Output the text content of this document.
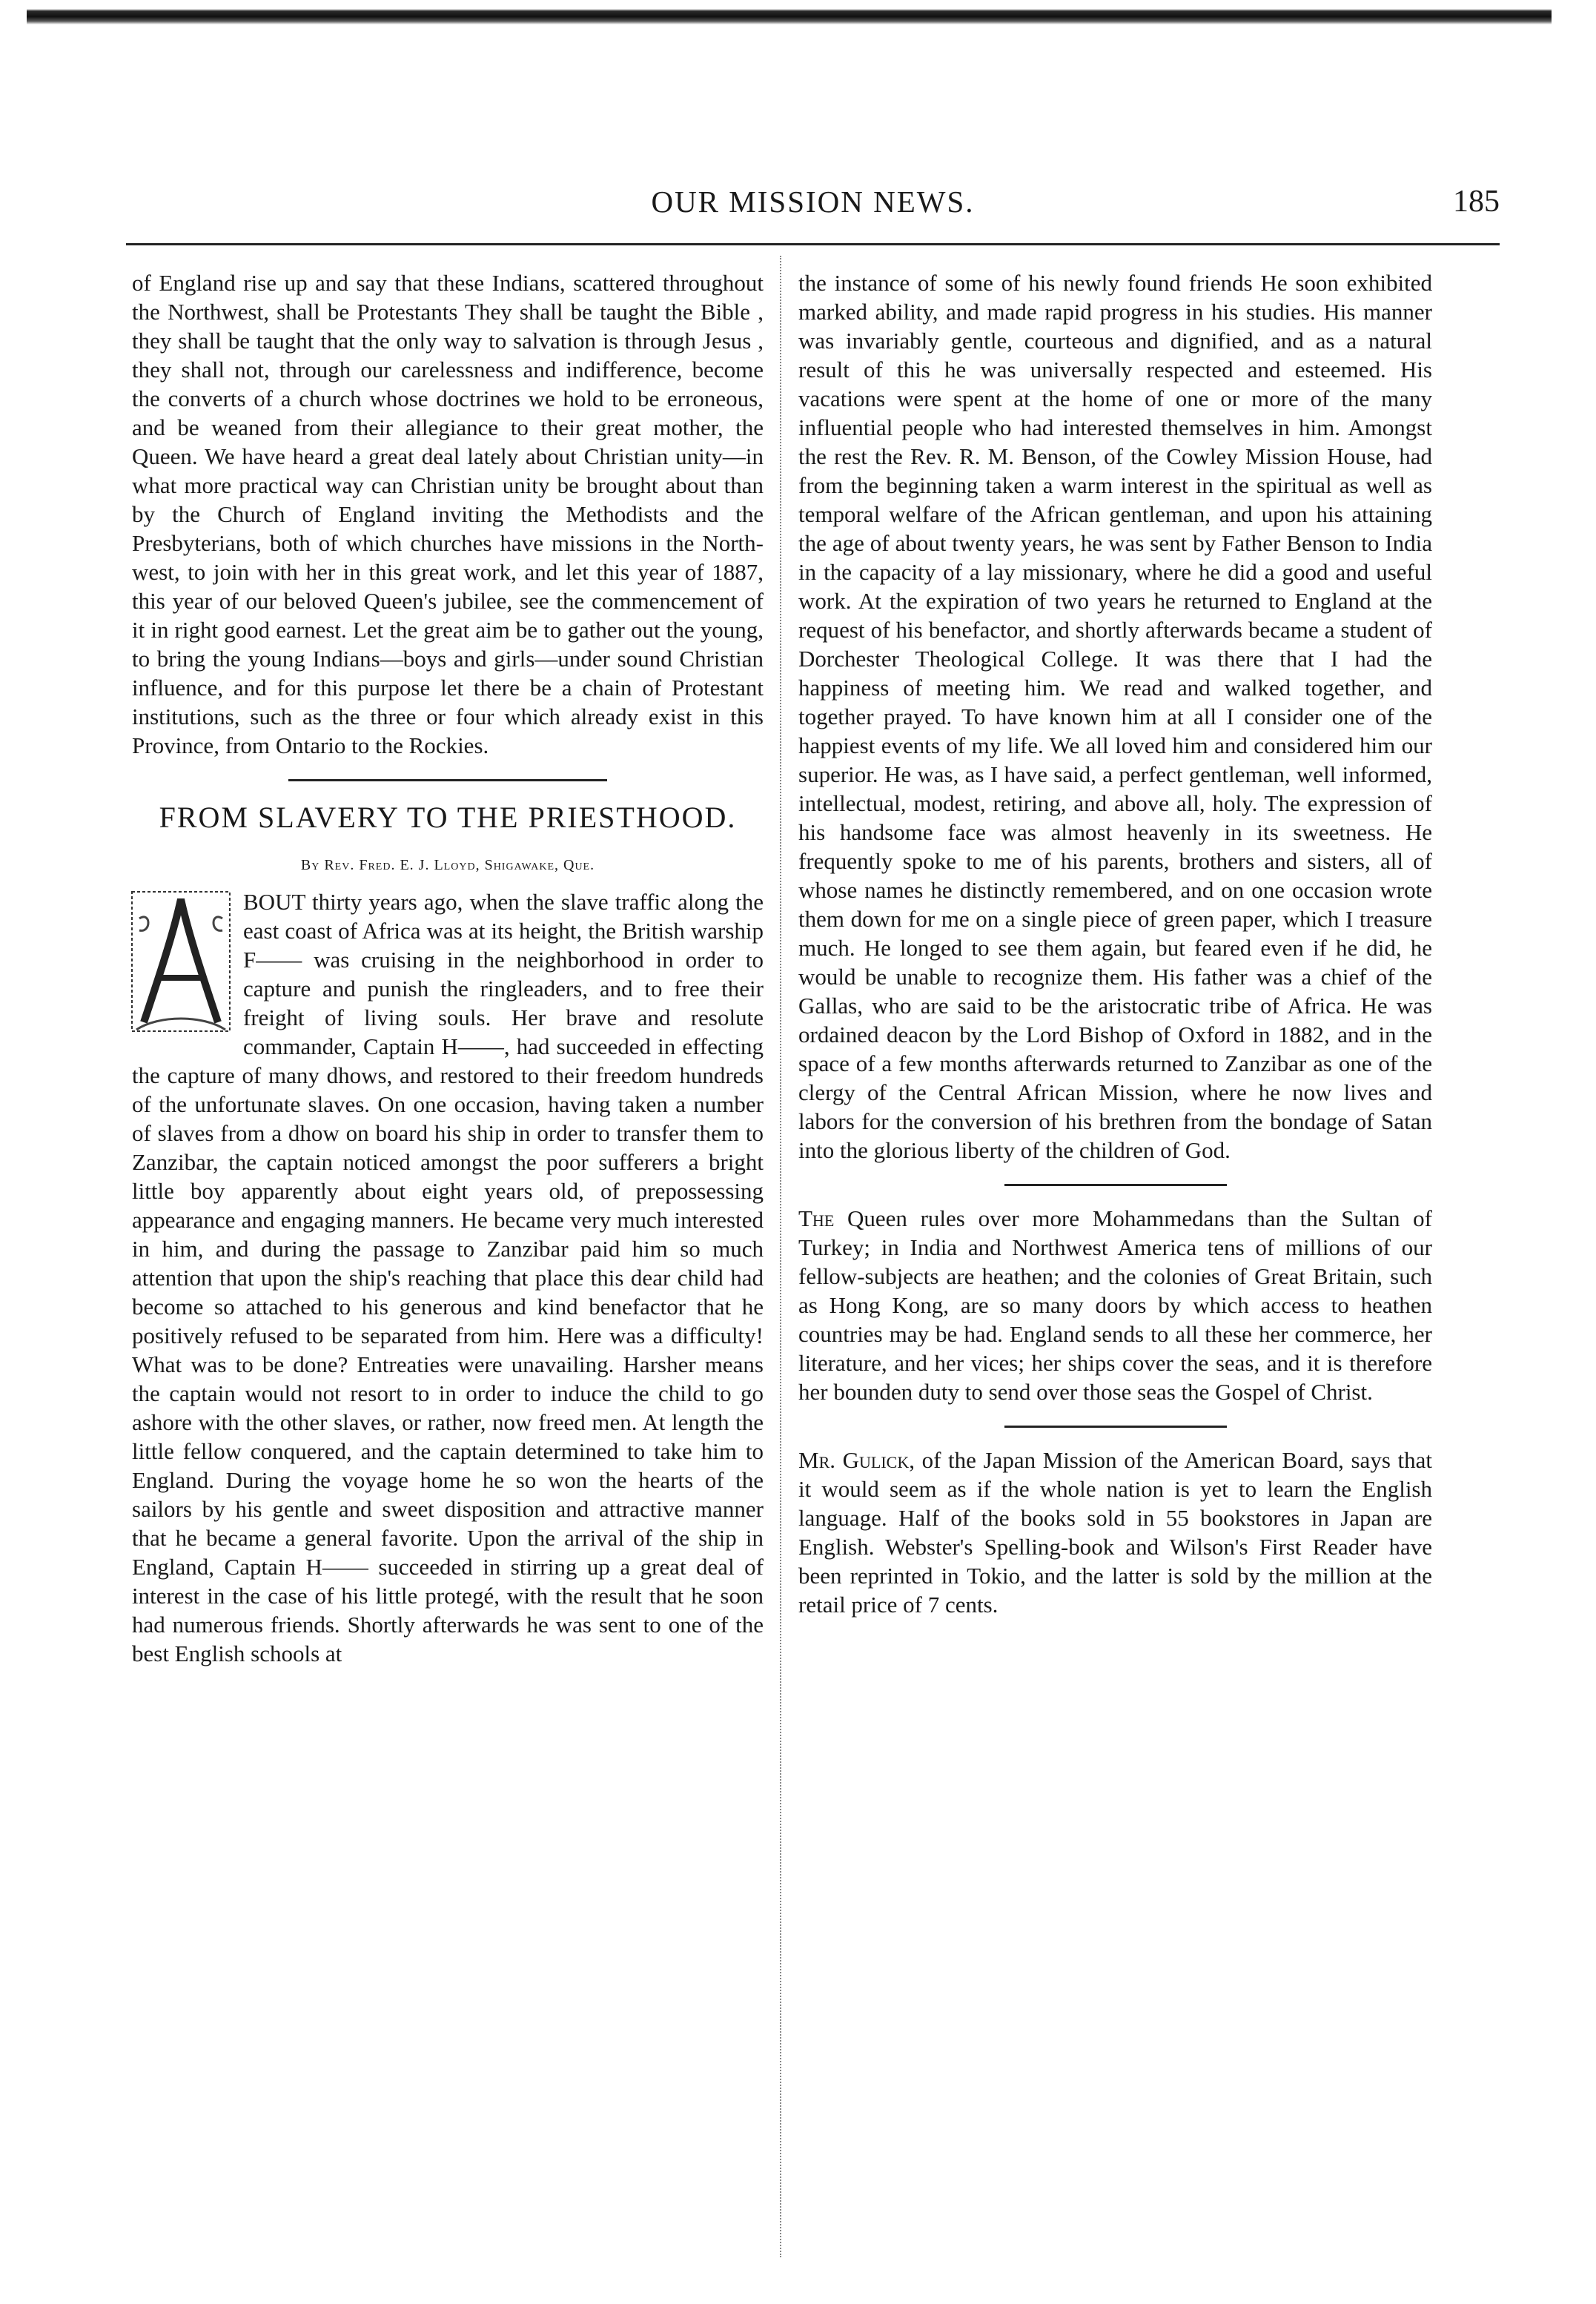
OUR MISSION NEWS.	185

of England rise up and say that these Indians, scattered throughout the Northwest, shall be Protestants They shall be taught the Bible , they shall be taught that the only way to salvation is through Jesus , they shall not, through our carelessness and indifference, become the converts of a church whose doctrines we hold to be erroneous, and be weaned from their allegiance to their great mother, the Queen. We have heard a great deal lately about Christian unity—in what more practical way can Christian unity be brought about than by the Church of England inviting the Methodists and the Presbyterians, both of which churches have missions in the North-west, to join with her in this great work, and let this year of 1887, this year of our beloved Queen's jubilee, see the commencement of it in right good earnest. Let the great aim be to gather out the young, to bring the young Indians—boys and girls—under sound Christian influence, and for this purpose let there be a chain of Protestant institutions, such as the three or four which already exist in this Province, from Ontario to the Rockies.

FROM SLAVERY TO THE PRIESTHOOD.
By Rev. Fred. E. J. Lloyd, Shigawake, Que.

BOUT thirty years ago, when the slave traffic along the east coast of Africa was at its height, the British warship F—— was cruising in the neighborhood in order to capture and punish the ringleaders, and to free their freight of living souls. Her brave and resolute commander, Captain H——, had succeeded in effecting the capture of many dhows, and restored to their freedom hundreds of the unfortunate slaves. On one occasion, having taken a number of slaves from a dhow on board his ship in order to transfer them to Zanzibar, the captain noticed amongst the poor sufferers a bright little boy apparently about eight years old, of prepossessing appearance and engaging manners. He became very much interested in him, and during the passage to Zanzibar paid him so much attention that upon the ship's reaching that place this dear child had become so attached to his generous and kind benefactor that he positively refused to be separated from him. Here was a difficulty! What was to be done? Entreaties were unavailing. Harsher means the captain would not resort to in order to induce the child to go ashore with the other slaves, or rather, now freed men. At length the little fellow conquered, and the captain determined to take him to England. During the voyage home he so won the hearts of the sailors by his gentle and sweet disposition and attractive manner that he became a general favorite. Upon the arrival of the ship in England, Captain H—— succeeded in stirring up a great deal of interest in the case of his little protegé, with the result that he soon had numerous friends. Shortly afterwards he was sent to one of the best English schools at

the instance of some of his newly found friends He soon exhibited marked ability, and made rapid progress in his studies. His manner was invariably gentle, courteous and dignified, and as a natural result of this he was universally respected and esteemed. His vacations were spent at the home of one or more of the many influential people who had interested themselves in him. Amongst the rest the Rev. R. M. Benson, of the Cowley Mission House, had from the beginning taken a warm interest in the spiritual as well as temporal welfare of the African gentleman, and upon his attaining the age of about twenty years, he was sent by Father Benson to India in the capacity of a lay missionary, where he did a good and useful work. At the expiration of two years he returned to England at the request of his benefactor, and shortly afterwards became a student of Dorchester Theological College. It was there that I had the happiness of meeting him. We read and walked together, and together prayed. To have known him at all I consider one of the happiest events of my life. We all loved him and considered him our superior. He was, as I have said, a perfect gentleman, well informed, intellectual, modest, retiring, and above all, holy. The expression of his handsome face was almost heavenly in its sweetness. He frequently spoke to me of his parents, brothers and sisters, all of whose names he distinctly remembered, and on one occasion wrote them down for me on a single piece of green paper, which I treasure much. He longed to see them again, but feared even if he did, he would be unable to recognize them. His father was a chief of the Gallas, who are said to be the aristocratic tribe of Africa. He was ordained deacon by the Lord Bishop of Oxford in 1882, and in the space of a few months afterwards returned to Zanzibar as one of the clergy of the Central African Mission, where he now lives and labors for the conversion of his brethren from the bondage of Satan into the glorious liberty of the children of God.

The Queen rules over more Mohammedans than the Sultan of Turkey; in India and Northwest America tens of millions of our fellow-subjects are heathen; and the colonies of Great Britain, such as Hong Kong, are so many doors by which access to heathen countries may be had. England sends to all these her commerce, her literature, and her vices; her ships cover the seas, and it is therefore her bounden duty to send over those seas the Gospel of Christ.

Mr. Gulick, of the Japan Mission of the American Board, says that it would seem as if the whole nation is yet to learn the English language. Half of the books sold in 55 bookstores in Japan are English. Webster's Spelling-book and Wilson's First Reader have been reprinted in Tokio, and the latter is sold by the million at the retail price of 7 cents.
